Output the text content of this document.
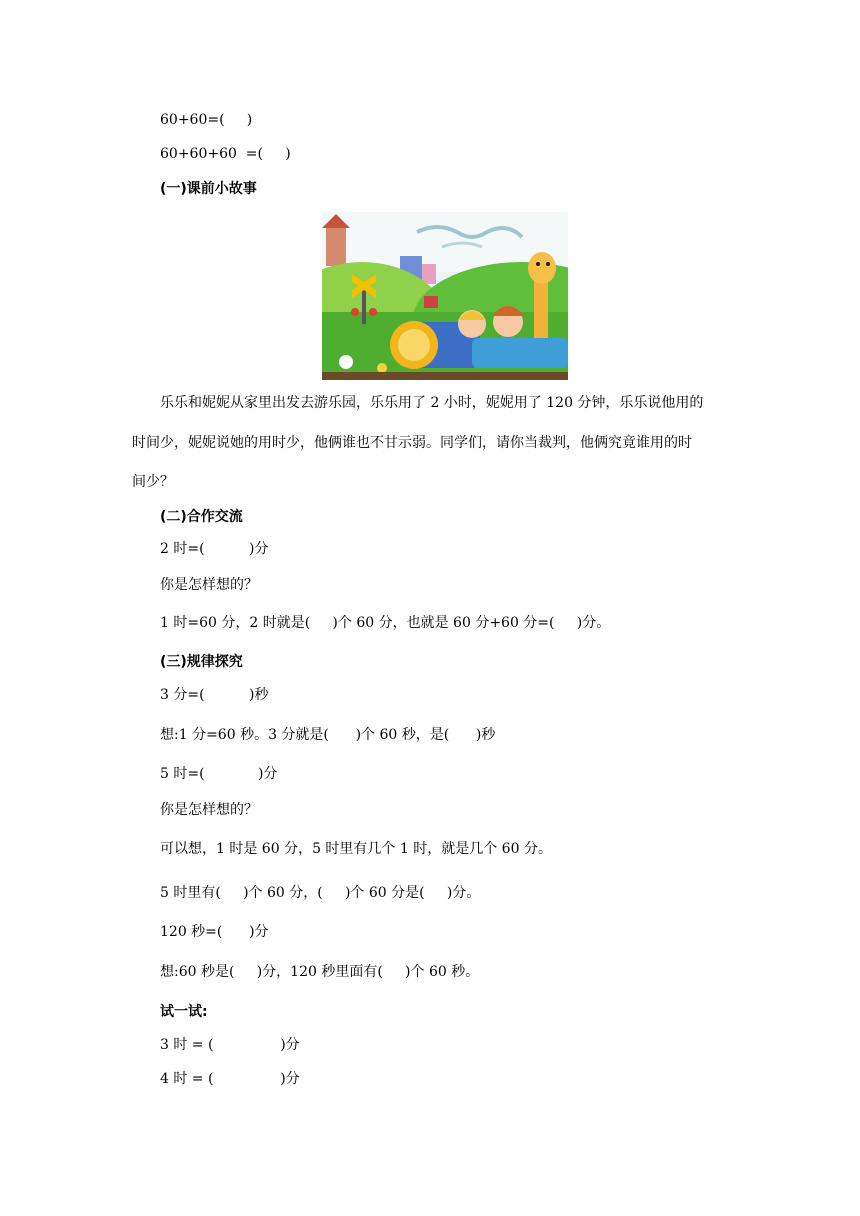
60+60=(     )
60+60+60  =(     )
(一)课前小故事
乐乐和妮妮从家里出发去游乐园，乐乐用了 2 小时，妮妮用了 120 分钟，乐乐说他用的
时间少，妮妮说她的用时少，他俩谁也不甘示弱。同学们，请你当裁判，他俩究竟谁用的时
间少？
(二)合作交流
2 时=(          )分
你是怎样想的？
1 时=60 分，2 时就是(     )个 60 分，也就是 60 分+60 分=(     )分。
(三)规律探究
3 分=(          )秒
想:1 分=60 秒。3 分就是(      )个 60 秒，是(      )秒
5 时=(            )分
你是怎样想的？
可以想，1 时是 60 分，5 时里有几个 1 时，就是几个 60 分。
5 时里有(     )个 60 分，(     )个 60 分是(     )分。
120 秒=(      )分
想:60 秒是(     )分，120 秒里面有(     )个 60 秒。
试一试:
3 时 = (               )分
4 时 = (               )分
